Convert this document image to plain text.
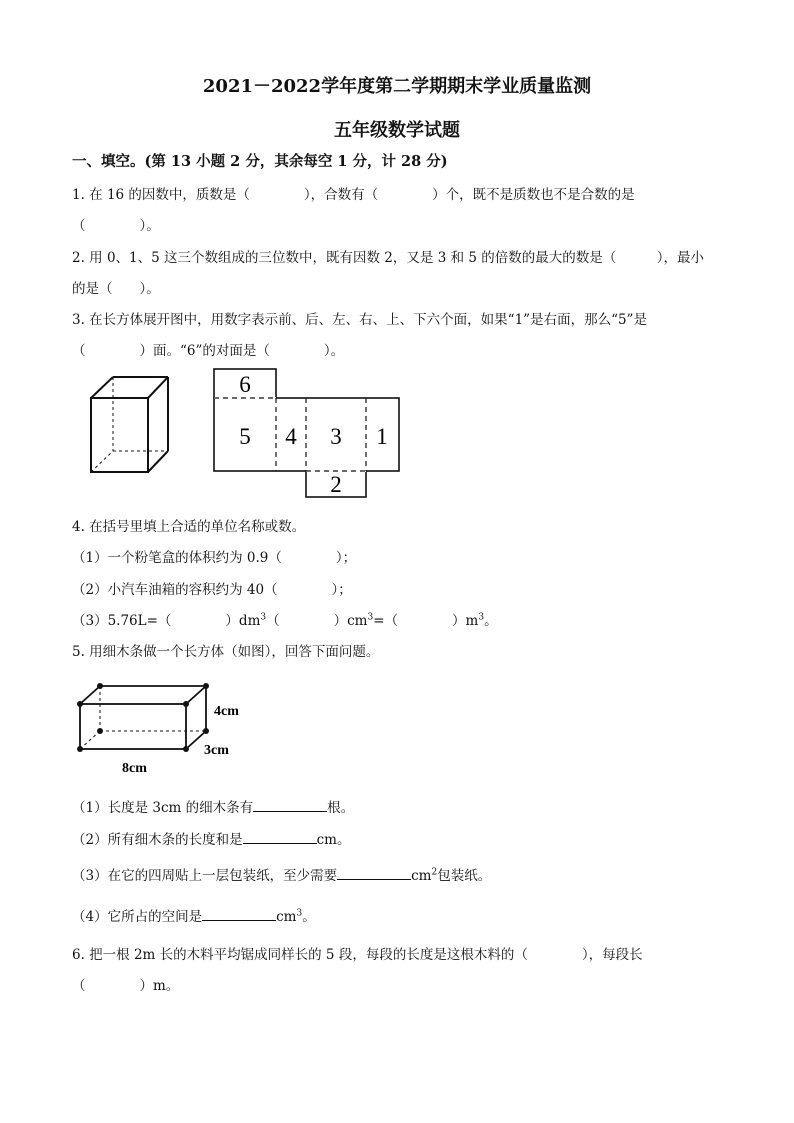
2021－2022学年度第二学期期末学业质量监测
五年级数学试题
一、填空。(第 13 小题 2 分，其余每空 1 分，计 28 分)
1. 在 16 的因数中，质数是（　　　　），合数有（　　　　）个，既不是质数也不是合数的是
（　　　　）。
2. 用 0、1、5 这三个数组成的三位数中，既有因数 2，又是 3 和 5 的倍数的最大的数是（　　　），最小
的是（　　）。
3. 在长方体展开图中，用数字表示前、后、左、右、上、下六个面，如果“1”是右面，那么“5”是
（　　　　）面。“6”的对面是（　　　　）。
6
5 4 3 1
2
4. 在括号里填上合适的单位名称或数。
（1）一个粉笔盒的体积约为 0.9（　　　　）；
（2）小汽车油箱的容积约为 40（　　　　）；
（3）5.76L=（　　　　）$dm^3$（　　　　）$cm^3=$（　　　　）$m^3$。
5. 用细木条做一个长方体（如图），回答下面问题。
4cm
3cm
8cm
（1）长度是 3cm 的细木条有	根。
（2）所有细木条的长度和是	cm。
（3）在它的四周贴上一层包装纸，至少需要	$cm^2$包装纸。
（4）它所占的空间是	$cm^3$。
6. 把一根 2m 长的木料平均锯成同样长的 5 段，每段的长度是这根木料的（　　　　），每段长
（　　　　）m。
